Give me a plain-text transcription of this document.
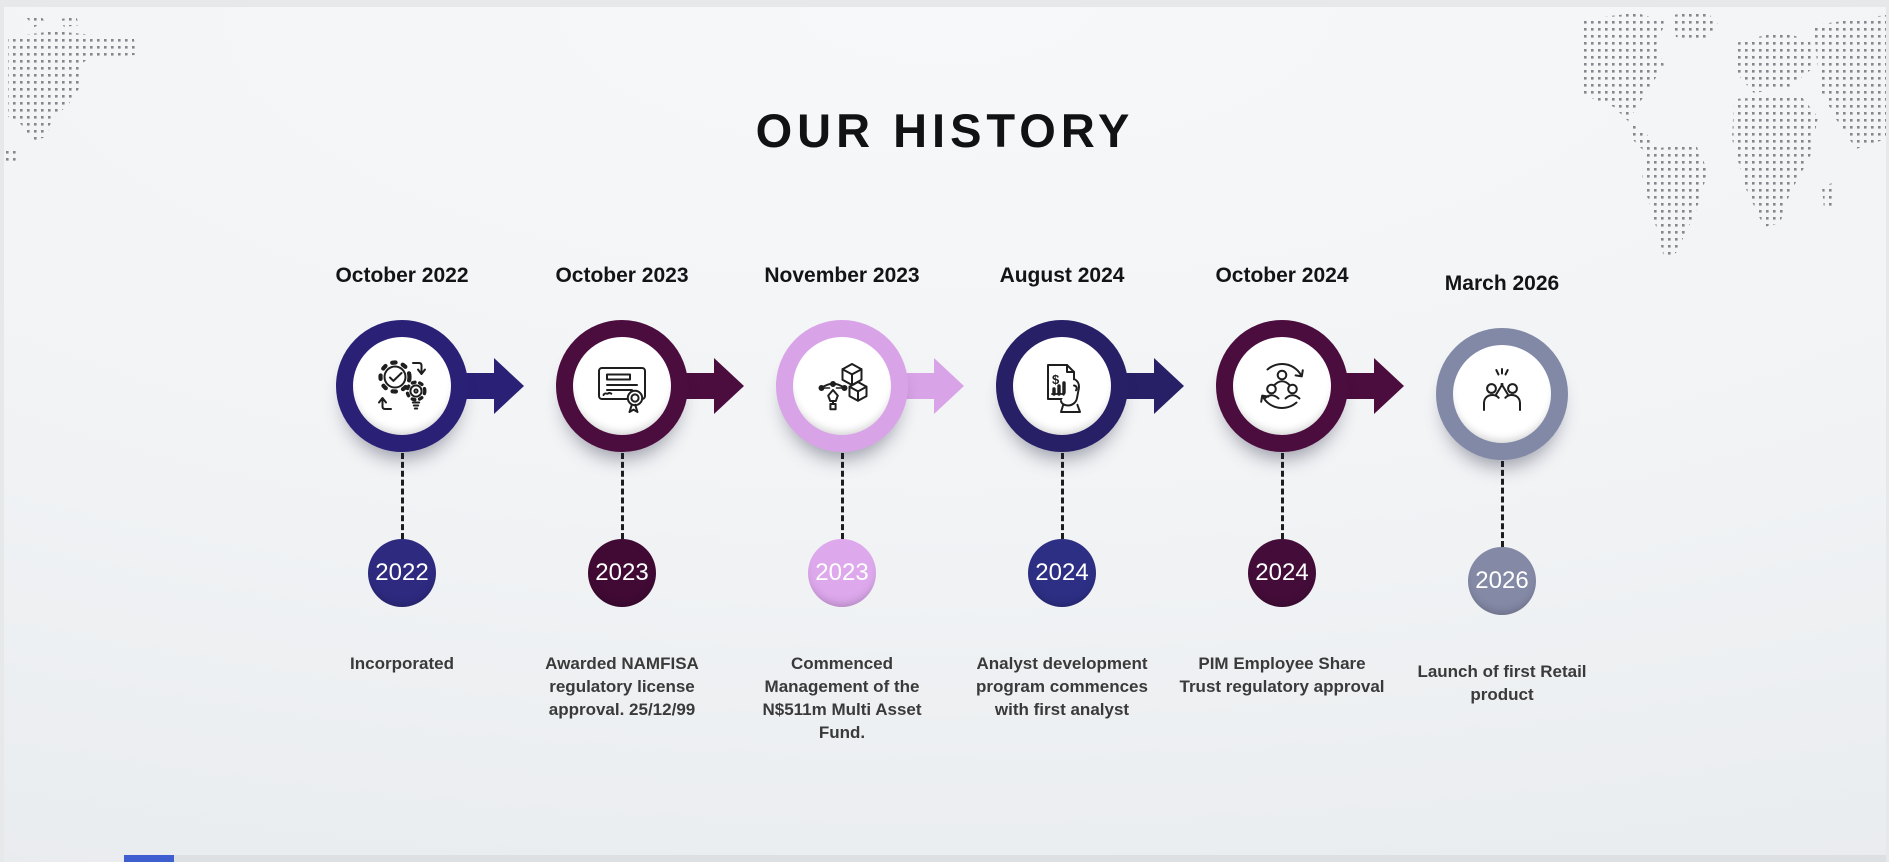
OUR HISTORY
October 2022
2022
Incorporated
October 2023
2023
Awarded NAMFISA regulatory license approval. 25/12/99
November 2023
2023
Commenced Management of the N$511m Multi Asset Fund.
August 2024
$
2024
Analyst development program commences with first analyst
October 2024
2024
PIM Employee Share Trust regulatory approval
March 2026
2026
Launch of first Retail product
